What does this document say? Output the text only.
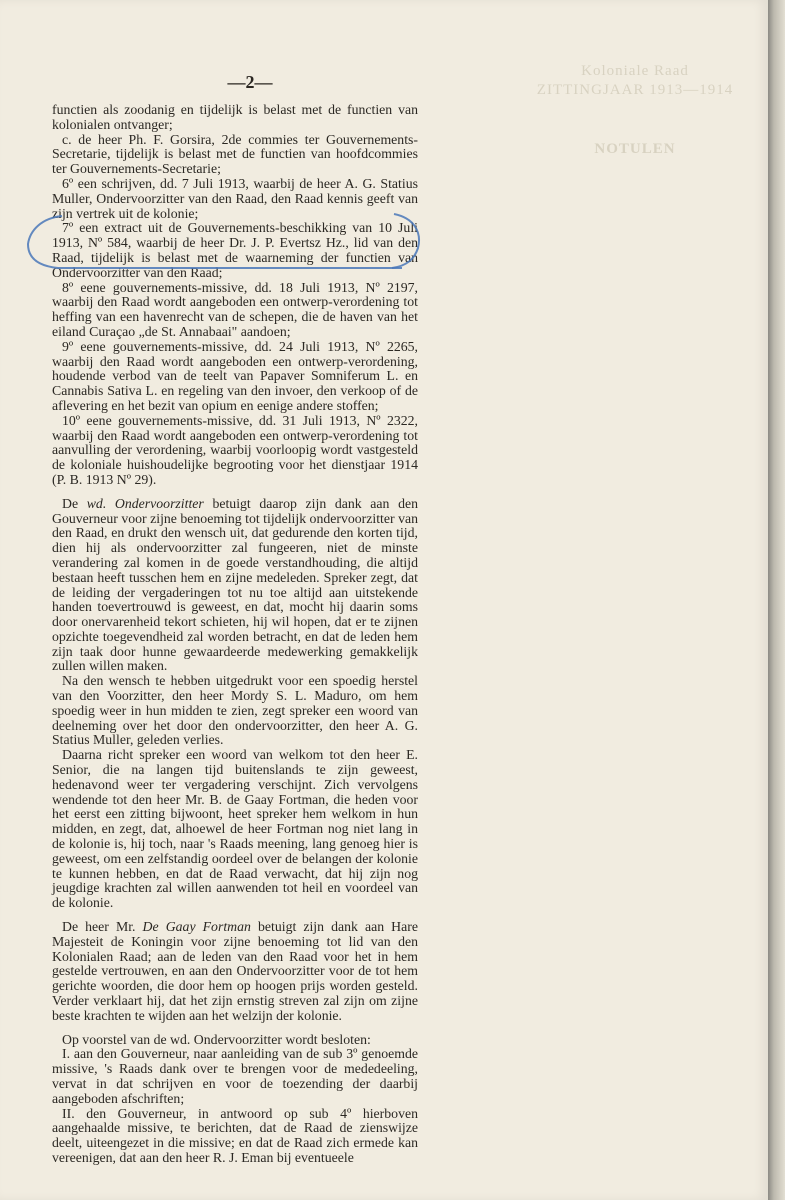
Koloniale Raad
ZITTINGJAAR 1913—1914
NOTULEN
—2—

functien als zoodanig en tijdelijk is belast met de functien van kolonialen ontvanger;

c. de heer Ph. F. Gorsira, 2de commies ter Gouvernements-Secretarie, tijdelijk is belast met de functien van hoofdcommies ter Gouvernements-Secretarie;

6º een schrijven, dd. 7 Juli 1913, waarbij de heer A. G. Statius Muller, Ondervoorzitter van den Raad, den Raad kennis geeft van zijn vertrek uit de kolonie;

7º een extract uit de Gouvernements-beschikking van 10 Juli 1913, Nº 584, waarbij de heer Dr. J. P. Evertsz Hz., lid van den Raad, tijdelijk is belast met de waarneming der functien van Ondervoorzitter van den Raad;

8º eene gouvernements-missive, dd. 18 Juli 1913, Nº 2197, waarbij den Raad wordt aangeboden een ontwerp-verordening tot heffing van een havenrecht van de schepen, die de haven van het eiland Curaçao „de St. Annabaai" aandoen;

9º eene gouvernements-missive, dd. 24 Juli 1913, Nº 2265, waarbij den Raad wordt aangeboden een ontwerp-verordening, houdende verbod van de teelt van Papaver Somniferum L. en Cannabis Sativa L. en regeling van den invoer, den verkoop of de aflevering en het bezit van opium en eenige andere stoffen;

10º eene gouvernements-missive, dd. 31 Juli 1913, Nº 2322, waarbij den Raad wordt aangeboden een ontwerp-verordening tot aanvulling der verordening, waarbij voorloopig wordt vastgesteld de koloniale huishoudelijke begrooting voor het dienstjaar 1914 (P. B. 1913 Nº 29).

De wd. Ondervoorzitter betuigt daarop zijn dank aan den Gouverneur voor zijne benoeming tot tijdelijk ondervoorzitter van den Raad, en drukt den wensch uit, dat gedurende den korten tijd, dien hij als ondervoorzitter zal fungeeren, niet de minste verandering zal komen in de goede verstandhouding, die altijd bestaan heeft tusschen hem en zijne medeleden. Spreker zegt, dat de leiding der vergaderingen tot nu toe altijd aan uitstekende handen toevertrouwd is geweest, en dat, mocht hij daarin soms door onervarenheid tekort schieten, hij wil hopen, dat er te zijnen opzichte toegevendheid zal worden betracht, en dat de leden hem zijn taak door hunne gewaardeerde medewerking gemakkelijk zullen willen maken.

Na den wensch te hebben uitgedrukt voor een spoedig herstel van den Voorzitter, den heer Mordy S. L. Maduro, om hem spoedig weer in hun midden te zien, zegt spreker een woord van deelneming over het door den ondervoorzitter, den heer A. G. Statius Muller, geleden verlies.

Daarna richt spreker een woord van welkom tot den heer E. Senior, die na langen tijd buitenslands te zijn geweest, hedenavond weer ter vergadering verschijnt. Zich vervolgens wendende tot den heer Mr. B. de Gaay Fortman, die heden voor het eerst een zitting bijwoont, heet spreker hem welkom in hun midden, en zegt, dat, alhoewel de heer Fortman nog niet lang in de kolonie is, hij toch, naar 's Raads meening, lang genoeg hier is geweest, om een zelfstandig oordeel over de belangen der kolonie te kunnen hebben, en dat de Raad verwacht, dat hij zijn nog jeugdige krachten zal willen aanwenden tot heil en voordeel van de kolonie.

De heer Mr. De Gaay Fortman betuigt zijn dank aan Hare Majesteit de Koningin voor zijne benoeming tot lid van den Kolonialen Raad; aan de leden van den Raad voor het in hem gestelde vertrouwen, en aan den Ondervoorzitter voor de tot hem gerichte woorden, die door hem op hoogen prijs worden gesteld. Verder verklaart hij, dat het zijn ernstig streven zal zijn om zijne beste krachten te wijden aan het welzijn der kolonie.

Op voorstel van de wd. Ondervoorzitter wordt besloten:

I. aan den Gouverneur, naar aanleiding van de sub 3º genoemde missive, 's Raads dank over te brengen voor de mededeeling, vervat in dat schrijven en voor de toezending der daarbij aangeboden afschriften;

II. den Gouverneur, in antwoord op sub 4º hierboven aangehaalde missive, te berichten, dat de Raad de zienswijze deelt, uiteengezet in die missive; en dat de Raad zich ermede kan vereenigen, dat aan den heer R. J. Eman bij eventueele
